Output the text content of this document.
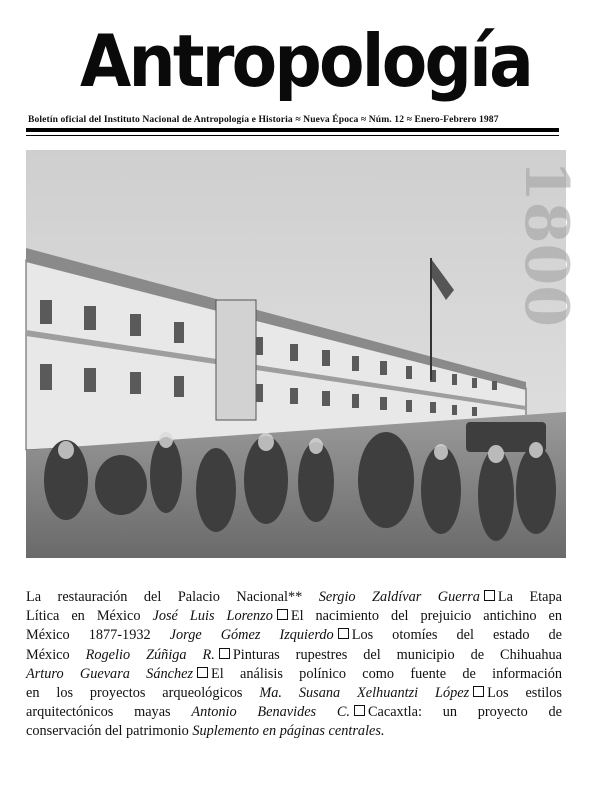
Antropología
Boletín oficial del Instituto Nacional de Antropología e Historia ≈ Nueva Época ≈ Núm. 12 ≈ Enero-Febrero 1987
1800
La restauración del Palacio Nacional** Sergio Zaldívar Guerra La Etapa
Lítica en México José Luis Lorenzo El nacimiento del prejuicio antichino en
México 1877-1932 Jorge Gómez Izquierdo Los otomíes del estado de
México Rogelio Zúñiga R. Pinturas rupestres del municipio de Chihuahua
Arturo Guevara Sánchez El análisis polínico como fuente de información
en los proyectos arqueológicos Ma. Susana Xelhuantzi López Los estilos
arquitectónicos mayas Antonio Benavides C. Cacaxtla: un proyecto de
conservación del patrimonio Suplemento en páginas centrales.
